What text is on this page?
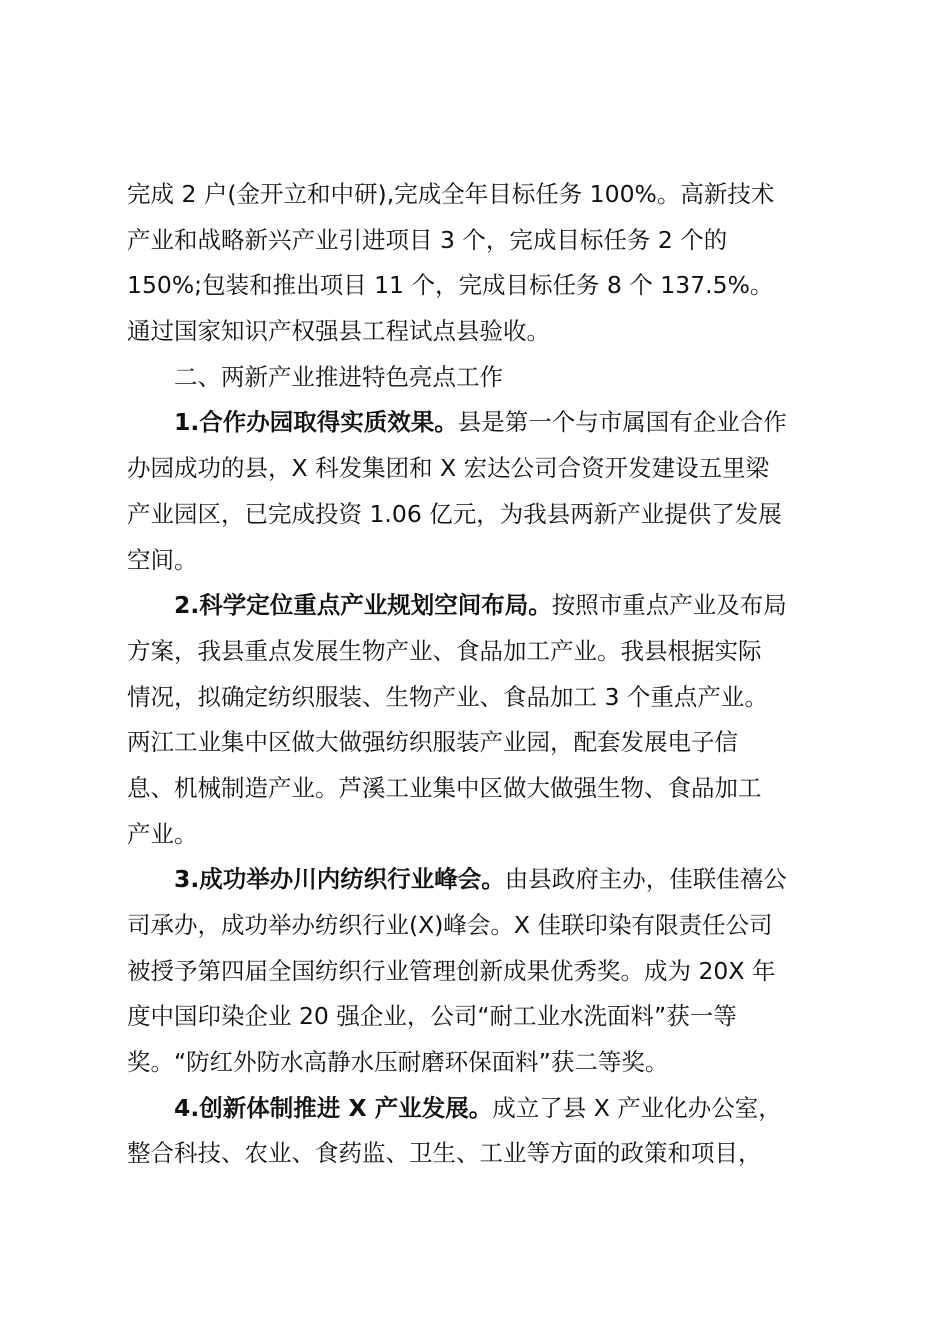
完成 2 户(金开立和中研),完成全年目标任务 100%。高新技术
产业和战略新兴产业引进项目 3 个，完成目标任务 2 个的
150%;包装和推出项目 11 个，完成目标任务 8 个 137.5%。
通过国家知识产权强县工程试点县验收。
二、两新产业推进特色亮点工作
1.合作办园取得实质效果。县是第一个与市属国有企业合作
办园成功的县，X 科发集团和 X 宏达公司合资开发建设五里梁
产业园区，已完成投资 1.06 亿元，为我县两新产业提供了发展
空间。
2.科学定位重点产业规划空间布局。按照市重点产业及布局
方案，我县重点发展生物产业、食品加工产业。我县根据实际
情况，拟确定纺织服装、生物产业、食品加工 3 个重点产业。
两江工业集中区做大做强纺织服装产业园，配套发展电子信
息、机械制造产业。芦溪工业集中区做大做强生物、食品加工
产业。
3.成功举办川内纺织行业峰会。由县政府主办，佳联佳禧公
司承办，成功举办纺织行业(X)峰会。X 佳联印染有限责任公司
被授予第四届全国纺织行业管理创新成果优秀奖。成为 20X 年
度中国印染企业 20 强企业，公司“耐工业水洗面料”获一等
奖。“防红外防水高静水压耐磨环保面料”获二等奖。
4.创新体制推进 X 产业发展。成立了县 X 产业化办公室，
整合科技、农业、食药监、卫生、工业等方面的政策和项目，
